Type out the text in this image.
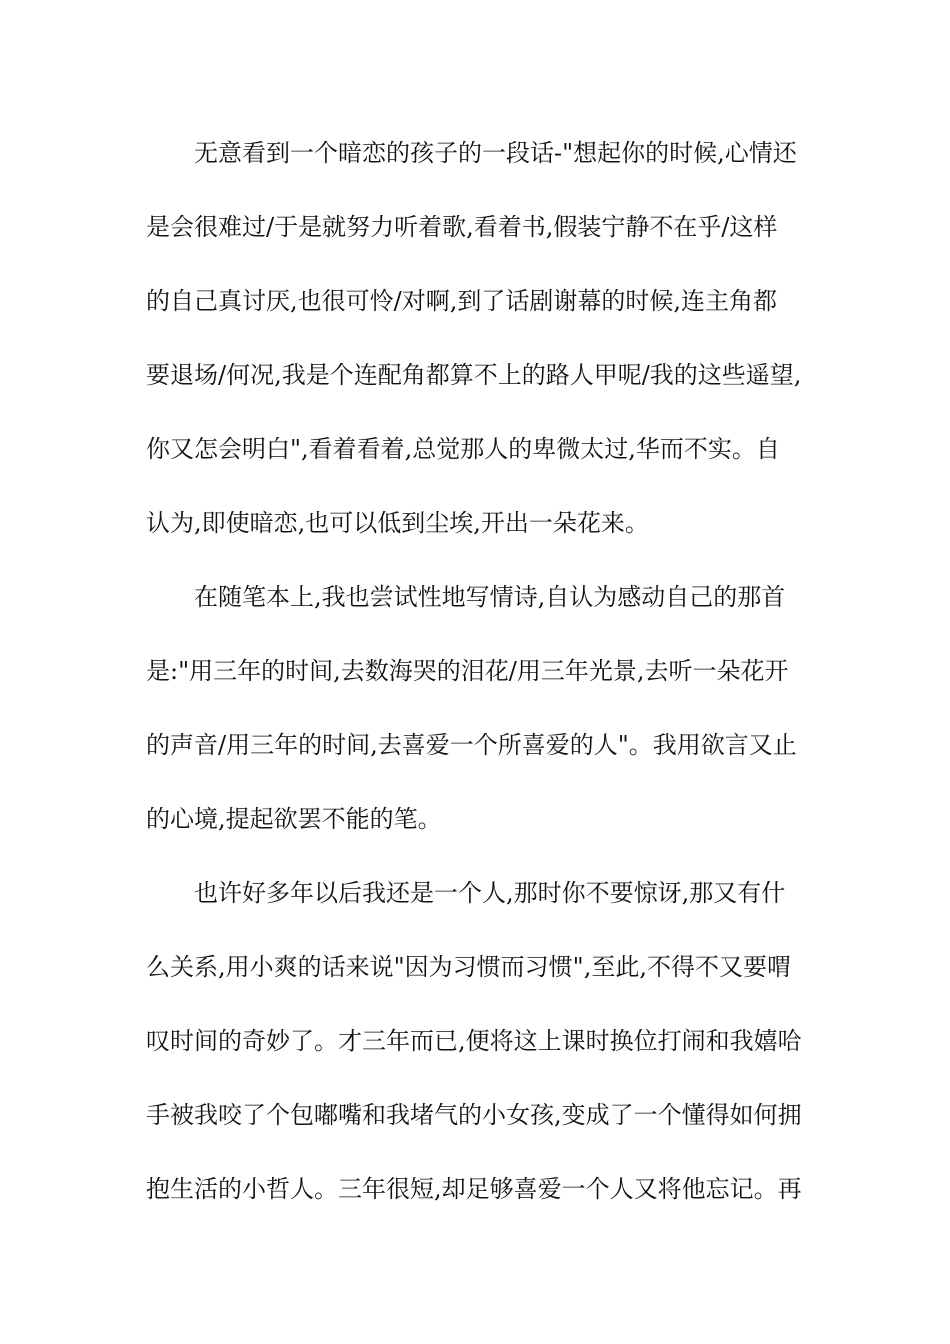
无意看到一个暗恋的孩子的一段话-"想起你的时候,心情还
是会很难过/于是就努力听着歌,看着书,假装宁静不在乎/这样
的自己真讨厌,也很可怜/对啊,到了话剧谢幕的时候,连主角都
要退场/何况,我是个连配角都算不上的路人甲呢/我的这些遥望,
你又怎会明白",看着看着,总觉那人的卑微太过,华而不实。自
认为,即使暗恋,也可以低到尘埃,开出一朵花来。
在随笔本上,我也尝试性地写情诗,自认为感动自己的那首
是:"用三年的时间,去数海哭的泪花/用三年光景,去听一朵花开
的声音/用三年的时间,去喜爱一个所喜爱的人"。我用欲言又止
的心境,提起欲罢不能的笔。
也许好多年以后我还是一个人,那时你不要惊讶,那又有什
么关系,用小爽的话来说"因为习惯而习惯",至此,不得不又要喟
叹时间的奇妙了。才三年而已,便将这上课时换位打闹和我嬉哈
手被我咬了个包嘟嘴和我堵气的小女孩,变成了一个懂得如何拥
抱生活的小哲人。三年很短,却足够喜爱一个人又将他忘记。再
